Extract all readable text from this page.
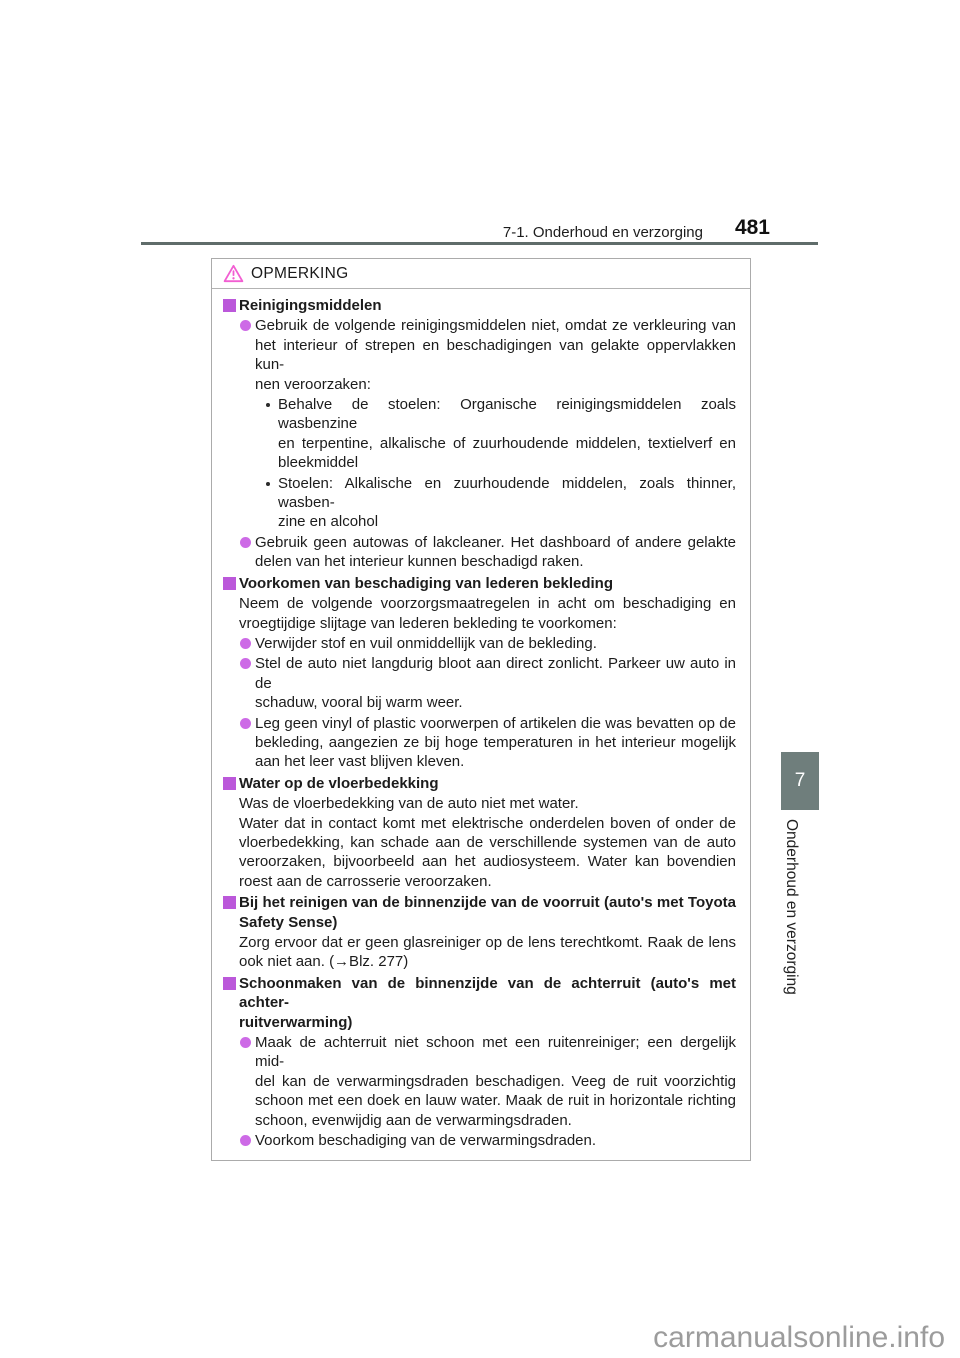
7-1. Onderhoud en verzorging 481
OPMERKING
Reinigingsmiddelen
Gebruik de volgende reinigingsmiddelen niet, omdat ze verkleuring van
het interieur of strepen en beschadigingen van gelakte oppervlakken kun-
nen veroorzaken:
Behalve de stoelen: Organische reinigingsmiddelen zoals wasbenzine
en terpentine, alkalische of zuurhoudende middelen, textielverf en
bleekmiddel
Stoelen: Alkalische en zuurhoudende middelen, zoals thinner, wasben-
zine en alcohol
Gebruik geen autowas of lakcleaner. Het dashboard of andere gelakte
delen van het interieur kunnen beschadigd raken.
Voorkomen van beschadiging van lederen bekleding
Neem de volgende voorzorgsmaatregelen in acht om beschadiging en
vroegtijdige slijtage van lederen bekleding te voorkomen:
Verwijder stof en vuil onmiddellijk van de bekleding.
Stel de auto niet langdurig bloot aan direct zonlicht. Parkeer uw auto in de
schaduw, vooral bij warm weer.
Leg geen vinyl of plastic voorwerpen of artikelen die was bevatten op de
bekleding, aangezien ze bij hoge temperaturen in het interieur mogelijk
aan het leer vast blijven kleven.
Water op de vloerbedekking
Was de vloerbedekking van de auto niet met water.
Water dat in contact komt met elektrische onderdelen boven of onder de
vloerbedekking, kan schade aan de verschillende systemen van de auto
veroorzaken, bijvoorbeeld aan het audiosysteem. Water kan bovendien
roest aan de carrosserie veroorzaken.
Bij het reinigen van de binnenzijde van de voorruit (auto's met Toyota
Safety Sense)
Zorg ervoor dat er geen glasreiniger op de lens terechtkomt. Raak de lens
ook niet aan. (→Blz. 277)
Schoonmaken van de binnenzijde van de achterruit (auto's met achter-
ruitverwarming)
Maak de achterruit niet schoon met een ruitenreiniger; een dergelijk mid-
del kan de verwarmingsdraden beschadigen. Veeg de ruit voorzichtig
schoon met een doek en lauw water. Maak de ruit in horizontale richting
schoon, evenwijdig aan de verwarmingsdraden.
Voorkom beschadiging van de verwarmingsdraden.
7
Onderhoud en verzorging
carmanualsonline.info
